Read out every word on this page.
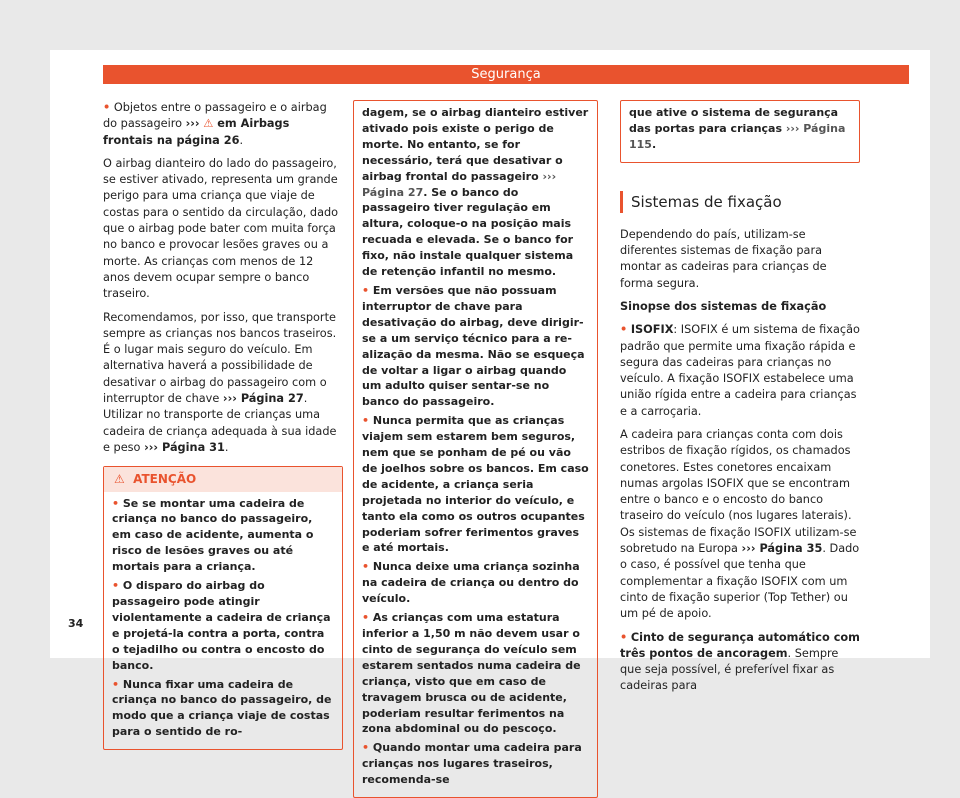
Segurança

• Objetos entre o passageiro e o airbag do passageiro ››› ⚠ em Airbags frontais na página 26.

O airbag dianteiro do lado do passageiro, se estiver ativado, representa um grande perigo para uma criança que viaje de costas para o sentido da circulação, dado que o airbag pode bater com muita força no banco e provocar lesões graves ou a morte. As crianças com menos de 12 anos devem ocupar sempre o banco traseiro.

Recomendamos, por isso, que transporte sempre as crianças nos bancos traseiros. É o lugar mais seguro do veículo. Em alternativa haverá a possibilidade de desativar o airbag do passageiro com o interruptor de chave ››› Página 27. Utilizar no transporte de crianças uma cadeira de criança adequada à sua idade e peso ››› Página 31.

⚠ ATENÇÃO

• Se se montar uma cadeira de criança no banco do passageiro, em caso de acidente, aumenta o risco de lesões graves ou até mortais para a criança.

• O disparo do airbag do passageiro pode atingir violentamente a cadeira de criança e projetá-la contra a porta, contra o tejadilho ou contra o encosto do banco.

• Nunca fixar uma cadeira de criança no banco do passageiro, de modo que a criança viaje de costas para o sentido de ro-

dagem, se o airbag dianteiro estiver ativado pois existe o perigo de morte. No entanto, se for necessário, terá que desativar o airbag frontal do passageiro ››› Página 27. Se o banco do passageiro tiver regulação em altura, coloque-o na posição mais recuada e elevada. Se o banco for fixo, não instale qualquer sistema de retenção infantil no mesmo.

• Em versões que não possuam interruptor de chave para desativação do airbag, deve dirigir-se a um serviço técnico para a realização da mesma. Não se esqueça de voltar a ligar o airbag quando um adulto quiser sentar-se no banco do passageiro.

• Nunca permita que as crianças viajem sem estarem bem seguros, nem que se ponham de pé ou vão de joelhos sobre os bancos. Em caso de acidente, a criança seria projetada no interior do veículo, e tanto ela como os outros ocupantes poderiam sofrer ferimentos graves e até mortais.

• Nunca deixe uma criança sozinha na cadeira de criança ou dentro do veículo.

• As crianças com uma estatura inferior a 1,50 m não devem usar o cinto de segurança do veículo sem estarem sentados numa cadeira de criança, visto que em caso de travagem brusca ou de acidente, poderiam resultar ferimentos na zona abdominal ou do pescoço.

• Quando montar uma cadeira para crianças nos lugares traseiros, recomenda-se

que ative o sistema de segurança das portas para crianças ››› Página 115.

Sistemas de fixação

Dependendo do país, utilizam-se diferentes sistemas de fixação para montar as cadeiras para crianças de forma segura.

Sinopse dos sistemas de fixação

• ISOFIX: ISOFIX é um sistema de fixação padrão que permite uma fixação rápida e segura das cadeiras para crianças no veículo. A fixação ISOFIX estabelece uma união rígida entre a cadeira para crianças e a carroçaria.

A cadeira para crianças conta com dois estribos de fixação rígidos, os chamados conetores. Estes conetores encaixam numas argolas ISOFIX que se encontram entre o banco e o encosto do banco traseiro do veículo (nos lugares laterais). Os sistemas de fixação ISOFIX utilizam-se sobretudo na Europa ››› Página 35. Dado o caso, é possível que tenha que complementar a fixação ISOFIX com um cinto de fixação superior (Top Tether) ou um pé de apoio.

• Cinto de segurança automático com três pontos de ancoragem. Sempre que seja possível, é preferível fixar as cadeiras para

34
